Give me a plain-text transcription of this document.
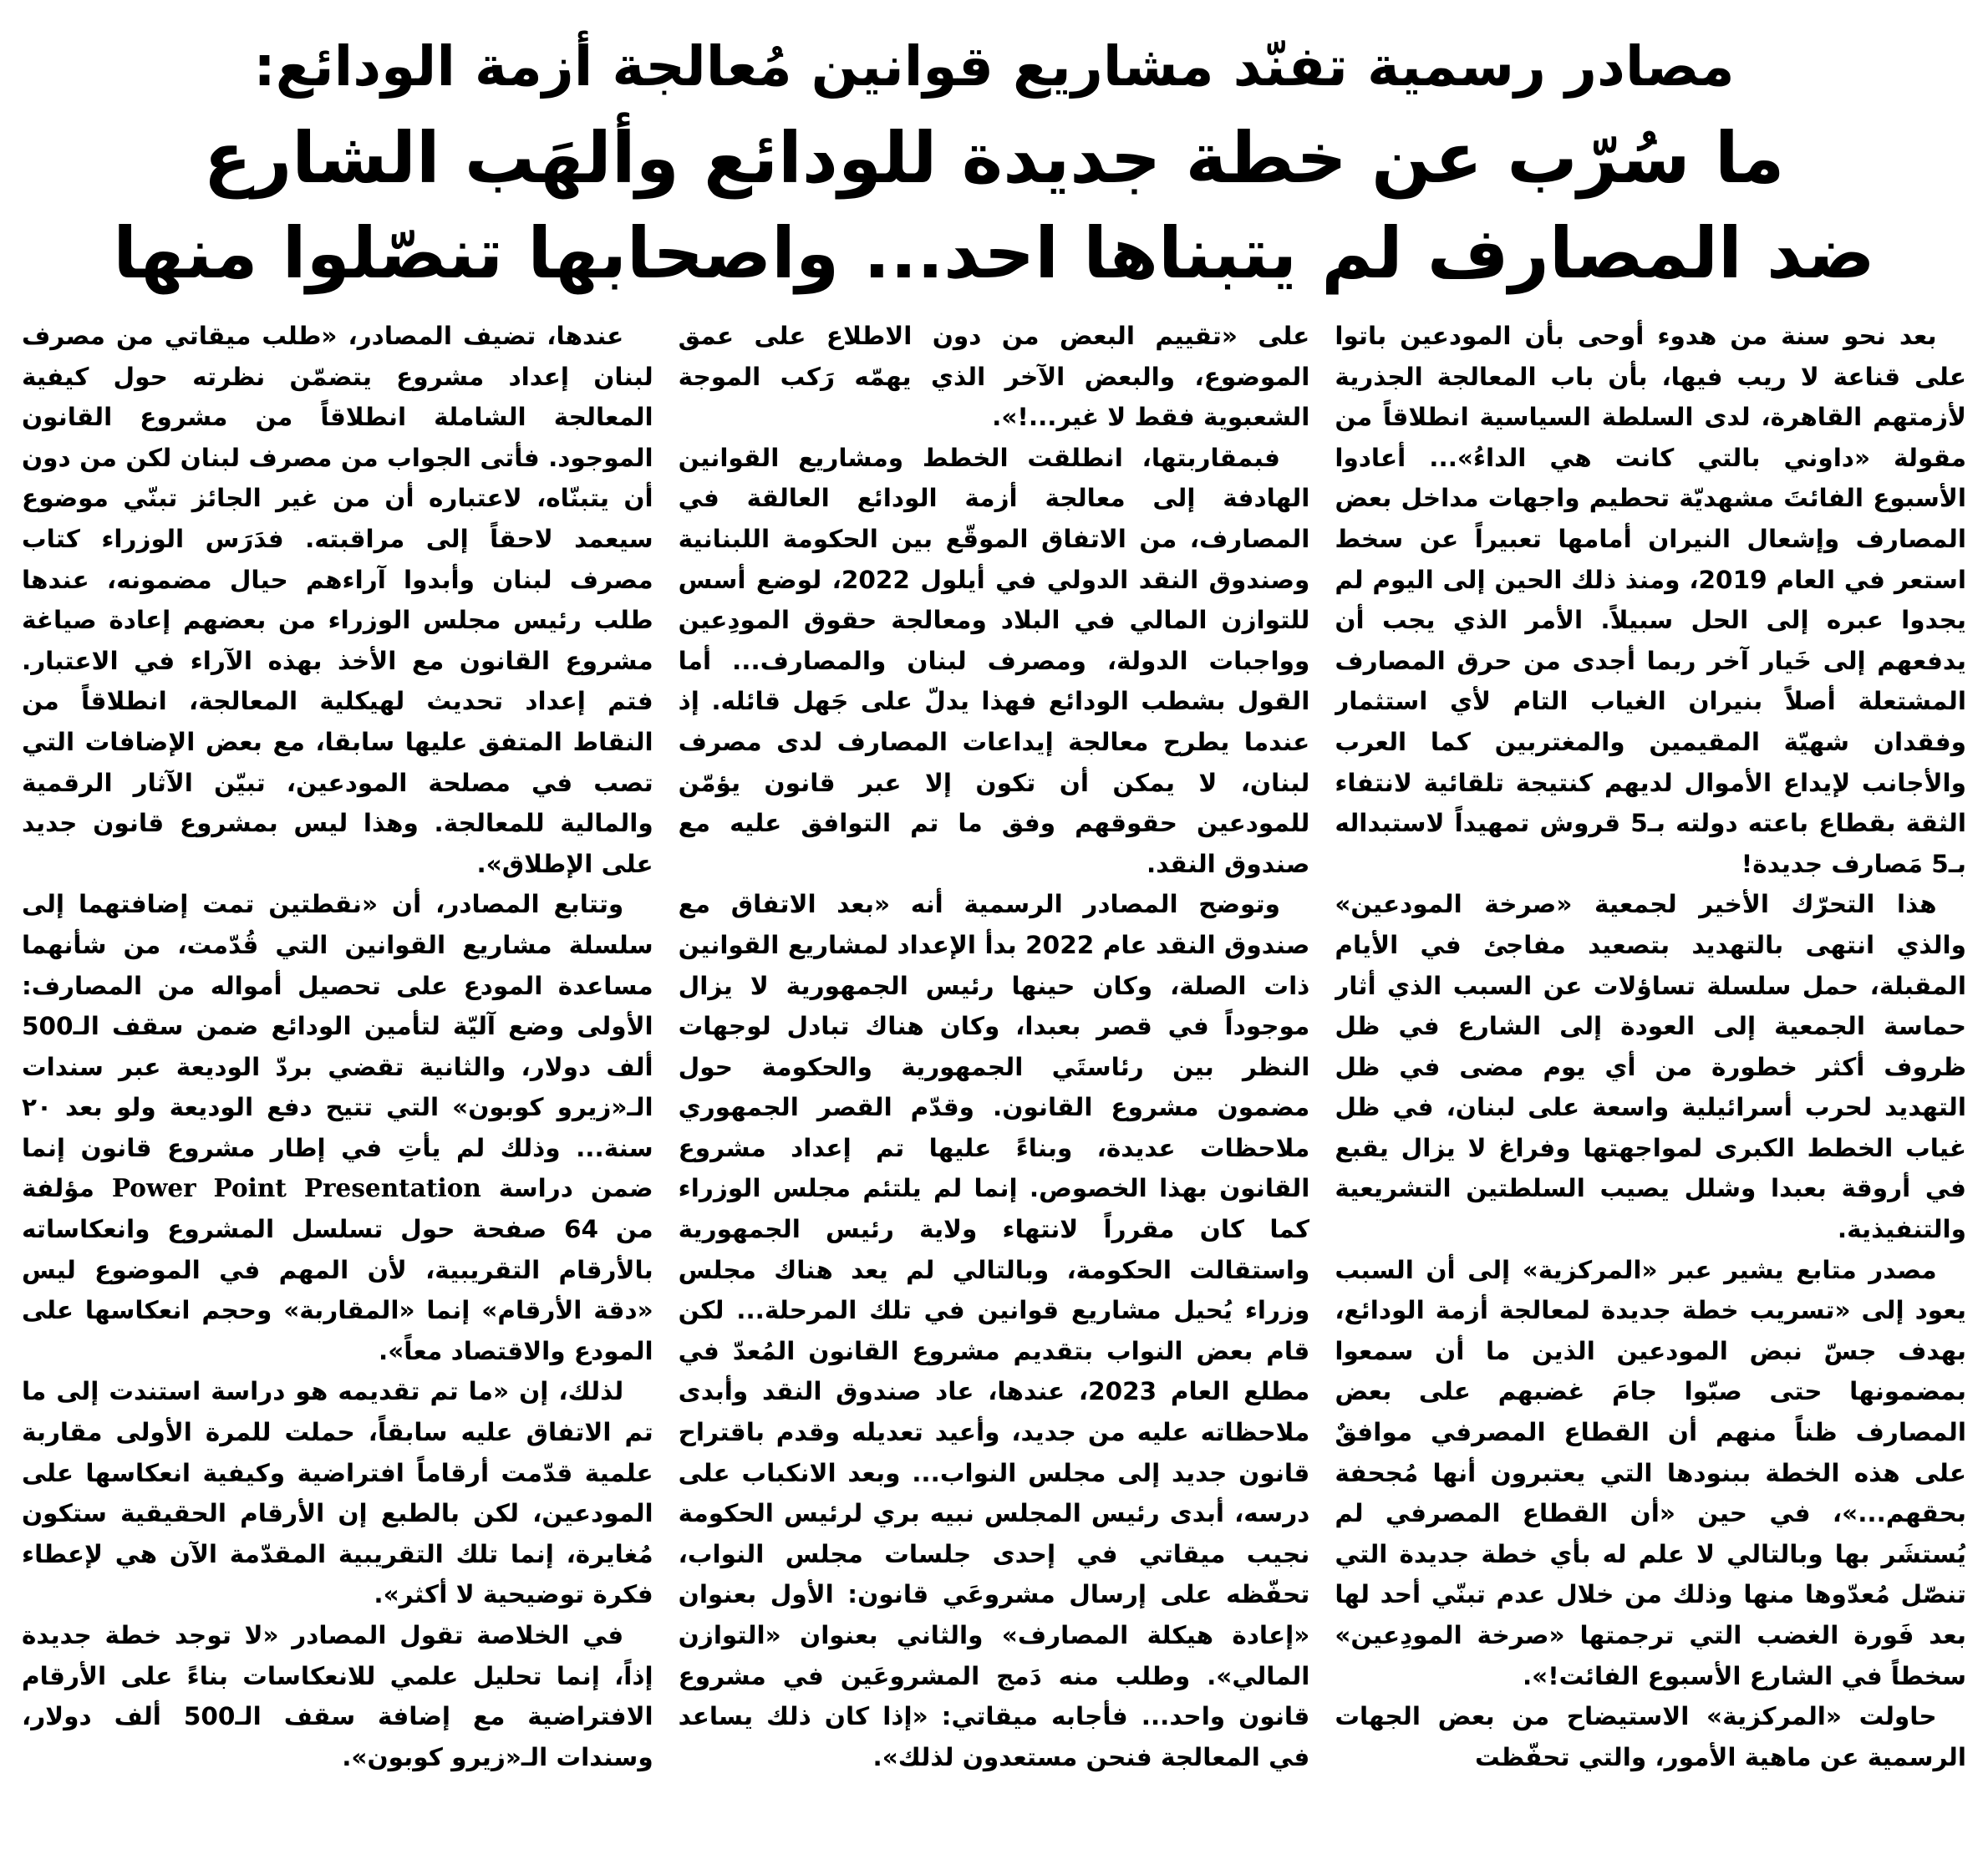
مصادر رسمية تفنّد مشاريع قوانين مُعالجة أزمة الودائع:
ما سُرّب عن خطة جديدة للودائع وألهَب الشارع
ضد المصارف لم يتبناها احد... واصحابها تنصّلوا منها

بعد نحو سنة من هدوء أوحى بأن المودعين باتوا على قناعة لا ريب فيها، بأن باب المعالجة الجذرية لأزمتهم القاهرة، لدى السلطة السياسية انطلاقاً من مقولة «داوني بالتي كانت هي الداءُ»... أعادوا الأسبوع الفائتَ مشهديّة تحطيم واجهات مداخل بعض المصارف وإشعال النيران أمامها تعبيراً عن سخط استعر في العام 2019، ومنذ ذلك الحين إلى اليوم لم يجدوا عبره إلى الحل سبيلاً. الأمر الذي يجب أن يدفعهم إلى خَيار آخر ربما أجدى من حرق المصارف المشتعلة أصلاً بنيران الغياب التام لأي استثمار وفقدان شهيّة المقيمين والمغتربين كما العرب والأجانب لإيداع الأموال لديهم كنتيجة تلقائية لانتفاء الثقة بقطاع باعته دولته بـ5 قروش تمهيداً لاستبداله بـ5 مَصارف جديدة!

هذا التحرّك الأخير لجمعية «صرخة المودعين» والذي انتهى بالتهديد بتصعيد مفاجئ في الأيام المقبلة، حمل سلسلة تساؤلات عن السبب الذي أثار حماسة الجمعية إلى العودة إلى الشارع في ظل ظروف أكثر خطورة من أي يوم مضى في ظل التهديد لحرب أسرائيلية واسعة على لبنان، في ظل غياب الخطط الكبرى لمواجهتها وفراغ لا يزال يقبع في أروقة بعبدا وشلل يصيب السلطتين التشريعية والتنفيذية.

مصدر متابع يشير عبر «المركزية» إلى أن السبب يعود إلى «تسريب خطة جديدة لمعالجة أزمة الودائع، بهدف جسّ نبض المودعين الذين ما أن سمعوا بمضمونها حتى صبّوا جامَ غضبهم على بعض المصارف ظناً منهم أن القطاع المصرفي موافقٌ على هذه الخطة ببنودها التي يعتبرون أنها مُجحفة بحقهم...»، في حين «أن القطاع المصرفي لم يُستشَر بها وبالتالي لا علم له بأي خطة جديدة التي تنصّل مُعدّوها منها وذلك من خلال عدم تبنّي أحد لها بعد فَورة الغضب التي ترجمتها «صرخة المودِعين» سخطاً في الشارع الأسبوع الفائت!».

حاولت «المركزية» الاستيضاح من بعض الجهات الرسمية عن ماهية الأمور، والتي تحفّظت

على «تقييم البعض من دون الاطلاع على عمق الموضوع، والبعض الآخر الذي يهمّه رَكب الموجة الشعبوية فقط لا غير...!».

فبمقاربتها، انطلقت الخطط ومشاريع القوانين الهادفة إلى معالجة أزمة الودائع العالقة في المصارف، من الاتفاق الموقّع بين الحكومة اللبنانية وصندوق النقد الدولي في أيلول 2022، لوضع أسس للتوازن المالي في البلاد ومعالجة حقوق المودِعين وواجبات الدولة، ومصرف لبنان والمصارف... أما القول بشطب الودائع فهذا يدلّ على جَهل قائله. إذ عندما يطرح معالجة إيداعات المصارف لدى مصرف لبنان، لا يمكن أن تكون إلا عبر قانون يؤمّن للمودعين حقوقهم وفق ما تم التوافق عليه مع صندوق النقد.

وتوضح المصادر الرسمية أنه «بعد الاتفاق مع صندوق النقد عام 2022 بدأ الإعداد لمشاريع القوانين ذات الصلة، وكان حينها رئيس الجمهورية لا يزال موجوداً في قصر بعبدا، وكان هناك تبادل لوجهات النظر بين رئاستَي الجمهورية والحكومة حول مضمون مشروع القانون. وقدّم القصر الجمهوري ملاحظات عديدة، وبناءً عليها تم إعداد مشروع القانون بهذا الخصوص. إنما لم يلتئم مجلس الوزراء كما كان مقرراً لانتهاء ولاية رئيس الجمهورية واستقالت الحكومة، وبالتالي لم يعد هناك مجلس وزراء يُحيل مشاريع قوانين في تلك المرحلة... لكن قام بعض النواب بتقديم مشروع القانون المُعدّ في مطلع العام 2023، عندها، عاد صندوق النقد وأبدى ملاحظاته عليه من جديد، وأعيد تعديله وقدم باقتراح قانون جديد إلى مجلس النواب... وبعد الانكباب على درسه، أبدى رئيس المجلس نبيه بري لرئيس الحكومة نجيب ميقاتي في إحدى جلسات مجلس النواب، تحفّظه على إرسال مشروعَي قانون: الأول بعنوان «إعادة هيكلة المصارف» والثاني بعنوان «التوازن المالي». وطلب منه دَمج المشروعَين في مشروع قانون واحد... فأجابه ميقاتي: «إذا كان ذلك يساعد في المعالجة فنحن مستعدون لذلك».

عندها، تضيف المصادر، «طلب ميقاتي من مصرف لبنان إعداد مشروع يتضمّن نظرته حول كيفية المعالجة الشاملة انطلاقاً من مشروع القانون الموجود. فأتى الجواب من مصرف لبنان لكن من دون أن يتبنّاه، لاعتباره أن من غير الجائز تبنّي موضوع سيعمد لاحقاً إلى مراقبته. فدَرَس الوزراء كتاب مصرف لبنان وأبدوا آراءهم حيال مضمونه، عندها طلب رئيس مجلس الوزراء من بعضهم إعادة صياغة مشروع القانون مع الأخذ بهذه الآراء في الاعتبار. فتم إعداد تحديث لهيكلية المعالجة، انطلاقاً من النقاط المتفق عليها سابقا، مع بعض الإضافات التي تصب في مصلحة المودعين، تبيّن الآثار الرقمية والمالية للمعالجة. وهذا ليس بمشروع قانون جديد على الإطلاق».

وتتابع المصادر، أن «نقطتين تمت إضافتهما إلى سلسلة مشاريع القوانين التي قُدّمت، من شأنهما مساعدة المودع على تحصيل أمواله من المصارف: الأولى وضع آليّة لتأمين الودائع ضمن سقف الـ500 ألف دولار، والثانية تقضي بردّ الوديعة عبر سندات الـ«زيرو كوبون» التي تتيح دفع الوديعة ولو بعد ٢٠ سنة... وذلك لم يأتِ في إطار مشروع قانون إنما ضمن دراسة Power Point Presentation مؤلفة من 64 صفحة حول تسلسل المشروع وانعكاساته بالأرقام التقريبية، لأن المهم في الموضوع ليس «دقة الأرقام» إنما «المقاربة» وحجم انعكاسها على المودع والاقتصاد معاً».

لذلك، إن «ما تم تقديمه هو دراسة استندت إلى ما تم الاتفاق عليه سابقاً، حملت للمرة الأولى مقاربة علمية قدّمت أرقاماً افتراضية وكيفية انعكاسها على المودعين، لكن بالطبع إن الأرقام الحقيقية ستكون مُغايرة، إنما تلك التقريبية المقدّمة الآن هي لإعطاء فكرة توضيحية لا أكثر».

في الخلاصة تقول المصادر «لا توجد خطة جديدة إذاً، إنما تحليل علمي للانعكاسات بناءً على الأرقام الافتراضية مع إضافة سقف الـ500 ألف دولار، وسندات الـ«زيرو كوبون».
